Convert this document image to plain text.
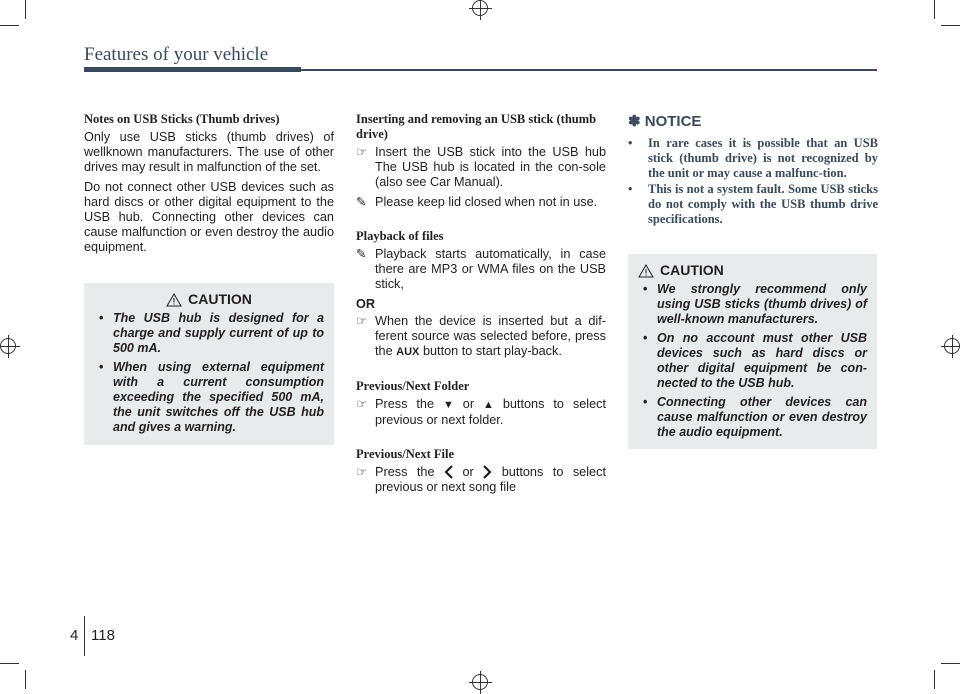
Features of your vehicle
Notes on USB Sticks (Thumb drives)
Only use USB sticks (thumb drives) of wellknown manufacturers. The use of other drives may result in malfunction of the set.
Do not connect other USB devices such as hard discs or other digital equipment to the USB hub. Connecting other devices can cause malfunction or even destroy the audio equipment.
CAUTION
• The USB hub is designed for a charge and supply current of up to 500 mA.
• When using external equipment with a current consumption exceeding the specified 500 mA, the unit switches off the USB hub and gives a warning.
Inserting and removing an USB stick (thumb drive)
☞ Insert the USB stick into the USB hub The USB hub is located in the con-sole (also see Car Manual).
✎ Please keep lid closed when not in use.
Playback of files
✎ Playback starts automatically, in case there are MP3 or WMA files on the USB stick,
OR
☞ When the device is inserted but a dif-ferent source was selected before, press the AUX button to start play-back.
Previous/Next Folder
☞ Press the ▼ or ▲ buttons to select previous or next folder.
Previous/Next File
☞ Press the or buttons to select previous or next song file
✽ NOTICE
• In rare cases it is possible that an USB stick (thumb drive) is not recognized by the unit or may cause a malfunc-tion.
• This is not a system fault. Some USB sticks do not comply with the USB thumb drive specifications.
CAUTION
• We strongly recommend only using USB sticks (thumb drives) of well-known manufacturers.
• On no account must other USB devices such as hard discs or other digital equipment be con-nected to the USB hub.
• Connecting other devices can cause malfunction or even destroy the audio equipment.
4 118
